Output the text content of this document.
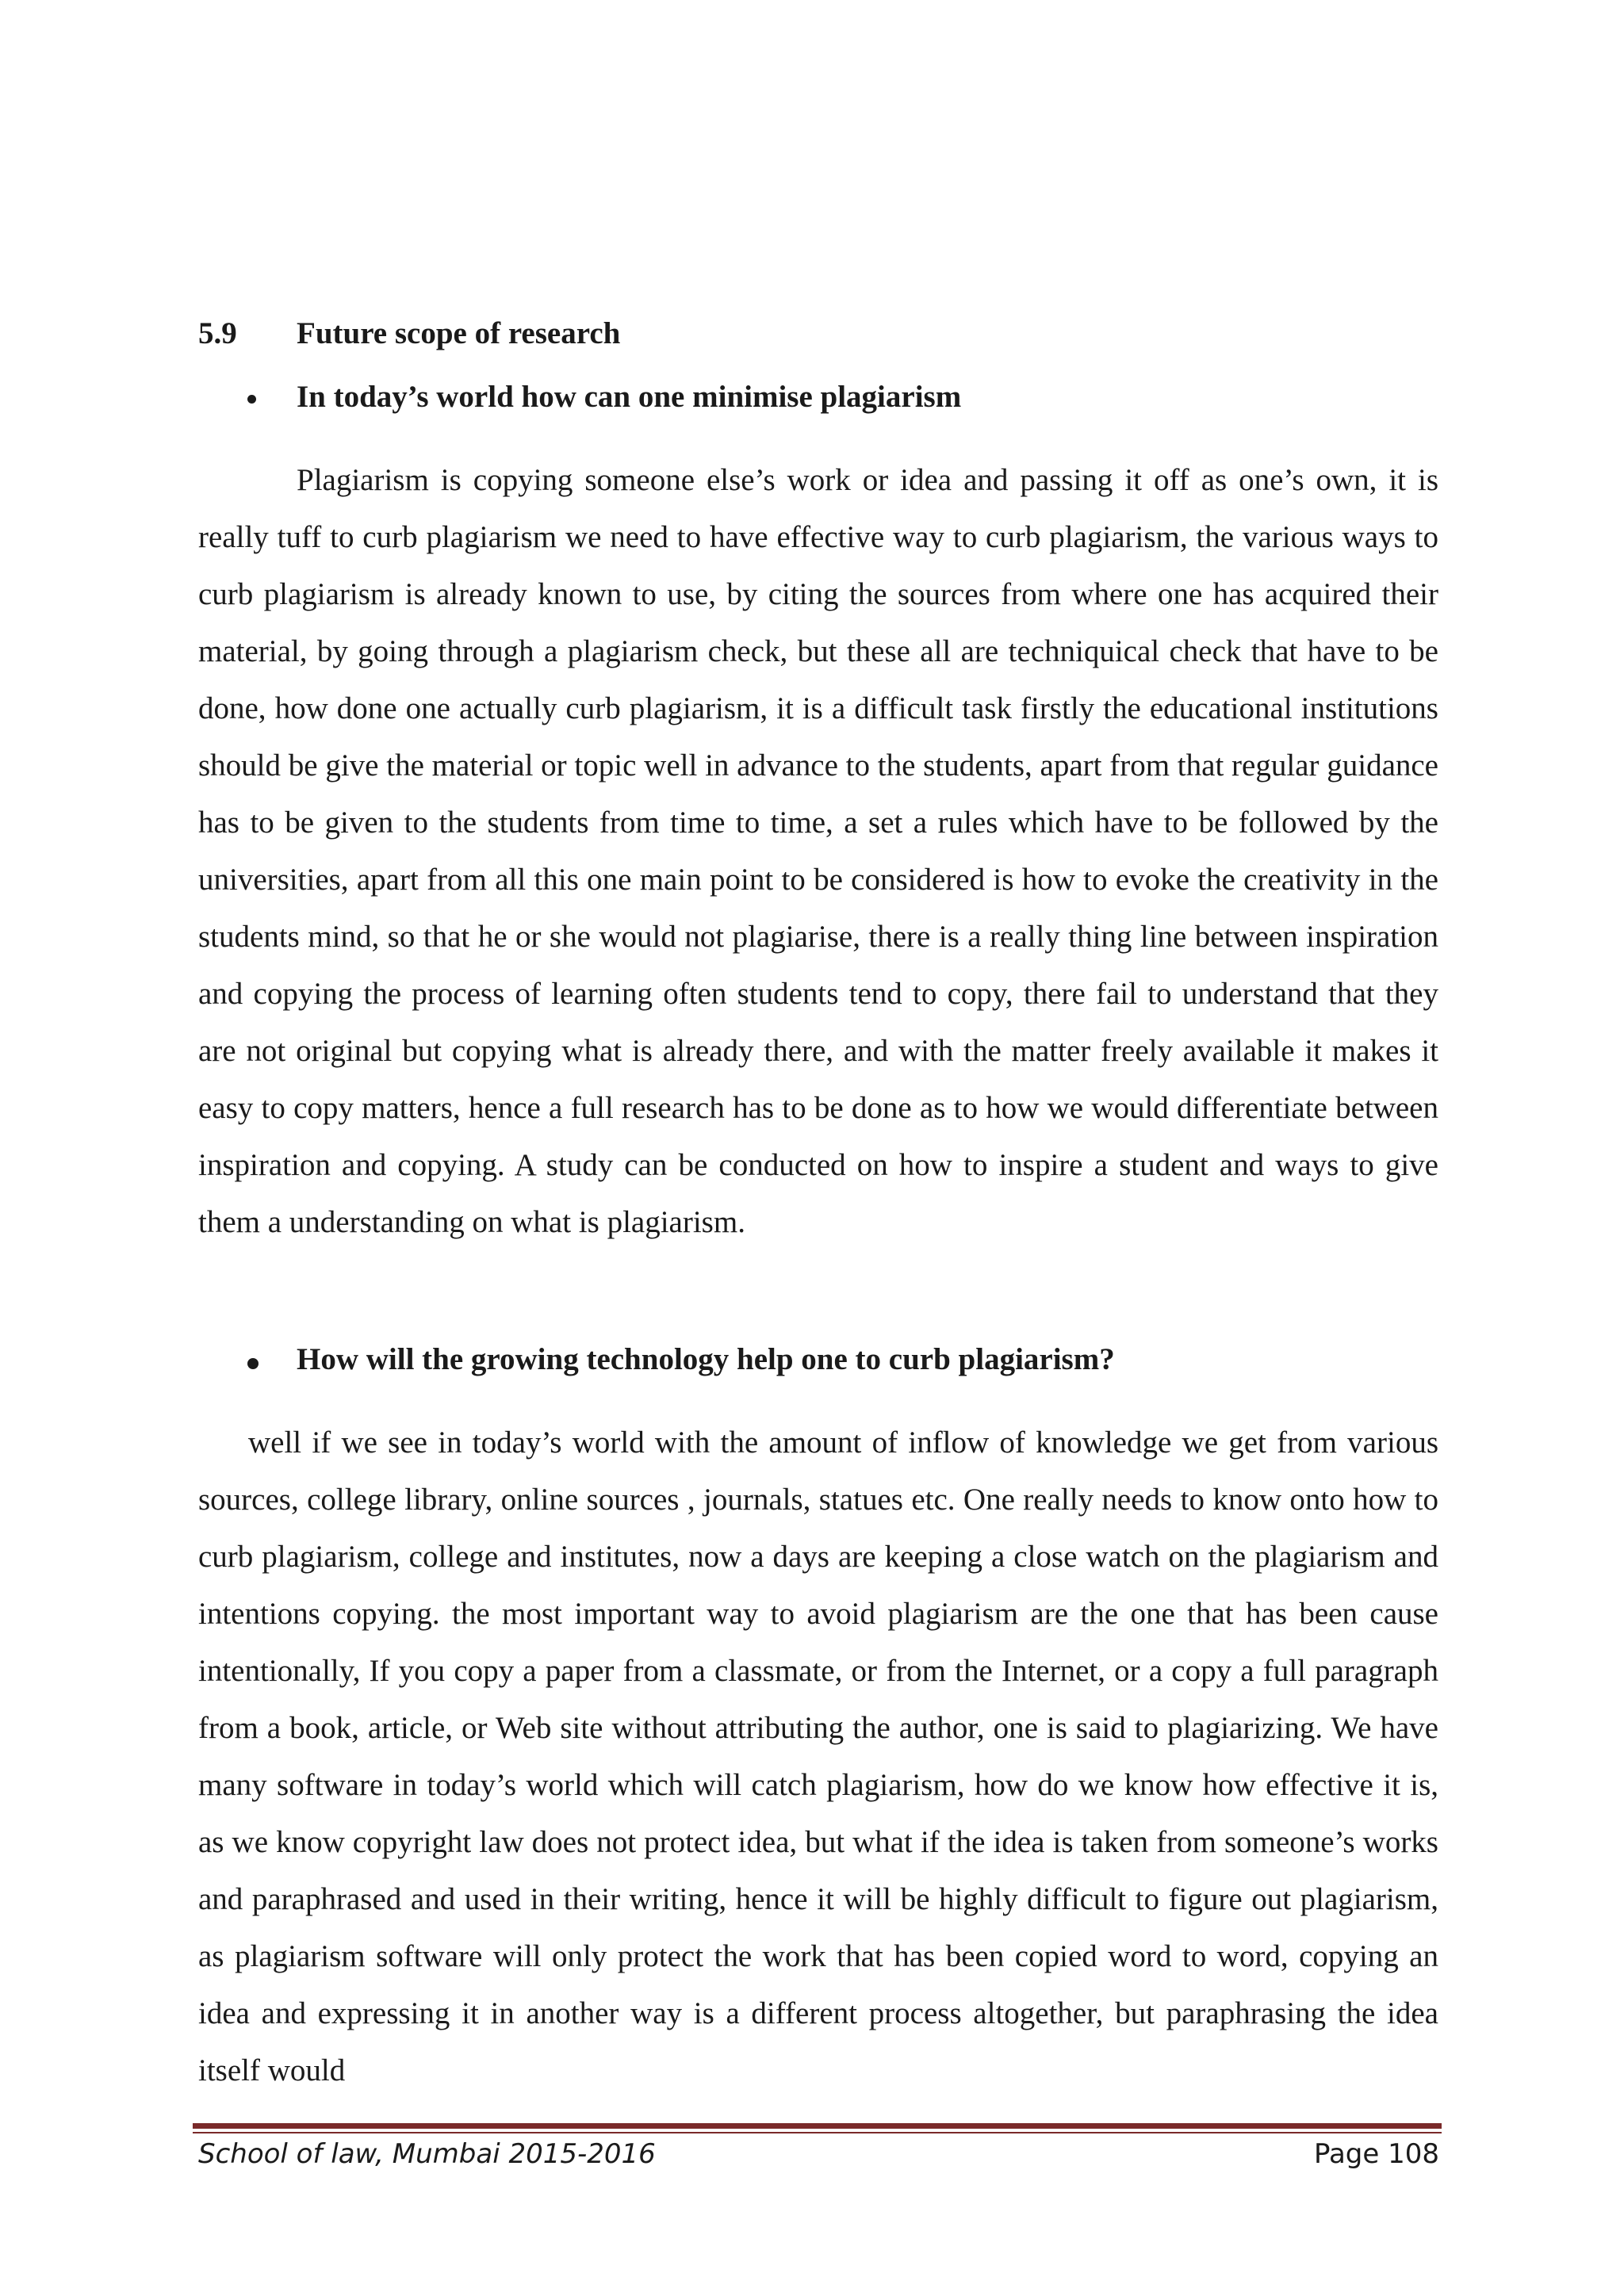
5.9 Future scope of research
In today’s world how can one minimise plagiarism

Plagiarism is copying someone else’s work or idea and passing it off as one’s own, it is really tuff to curb plagiarism we need to have effective way to curb plagiarism, the various ways to curb plagiarism is already known to use, by citing the sources from where one has acquired their material, by going through a plagiarism check, but these all are techniquical check that have to be done, how done one actually curb plagiarism, it is a difficult task firstly the educational institutions should be give the material or topic well in advance to the students, apart from that regular guidance has to be given to the students from time to time, a set a rules which have to be followed by the universities, apart from all this one main point to be considered is how to evoke the creativity in the students mind, so that he or she would not plagiarise, there is a really thing line between inspiration and copying the process of learning often students tend to copy, there fail to understand that they are not original but copying what is already there, and with the matter freely available it makes it easy to copy matters, hence a full research has to be done as to how we would differentiate between inspiration and copying. A study can be conducted on how to inspire a student and ways to give them a understanding on what is plagiarism.

How will the growing technology help one to curb plagiarism?

well if we see in today’s world with the amount of inflow of knowledge we get from various sources, college library, online sources , journals, statues etc. One really needs to know onto how to curb plagiarism, college and institutes, now a days are keeping a close watch on the plagiarism and intentions copying. the most important way to avoid plagiarism are the one that has been cause intentionally, If you copy a paper from a classmate, or from the Internet, or a copy a full paragraph from a book, article, or Web site without attributing the author, one is said to plagiarizing. We have many software in today’s world which will catch plagiarism, how do we know how effective it is, as we know copyright law does not protect idea, but what if the idea is taken from someone’s works and paraphrased and used in their writing, hence it will be highly difficult to figure out plagiarism, as plagiarism software will only protect the work that has been copied word to word, copying an idea and expressing it in another way is a different process altogether, but paraphrasing the idea itself would

School of law, Mumbai 2015-2016	Page 108
